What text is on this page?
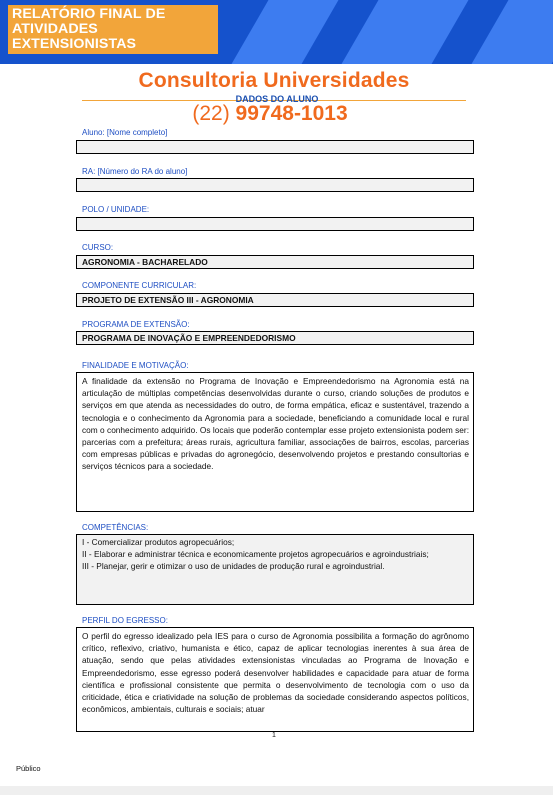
RELATÓRIO FINAL DE ATIVIDADES EXTENSIONISTAS
Consultoria Universidades
DADOS DO ALUNO
(22) 99748-1013
Aluno: [Nome completo]
RA: [Número do RA do aluno]
POLO / UNIDADE:
CURSO:
AGRONOMIA - BACHARELADO
COMPONENTE CURRICULAR:
PROJETO DE EXTENSÃO III - AGRONOMIA
PROGRAMA DE EXTENSÃO:
PROGRAMA DE INOVAÇÃO E EMPREENDEDORISMO
FINALIDADE E MOTIVAÇÃO:
A finalidade da extensão no Programa de Inovação e Empreendedorismo na Agronomia está na articulação de múltiplas competências desenvolvidas durante o curso, criando soluções de produtos e serviços em que atenda as necessidades do outro, de forma empática, eficaz e sustentável, trazendo a tecnologia e o conhecimento da Agronomia para a sociedade, beneficiando a comunidade local e rural com o conhecimento adquirido. Os locais que poderão contemplar esse projeto extensionista podem ser: parcerias com a prefeitura; áreas rurais, agricultura familiar, associações de bairros, escolas, parcerias com empresas públicas e privadas do agronegócio, desenvolvendo projetos e prestando consultorias e serviços técnicos para a sociedade.
COMPETÊNCIAS:

I - Comercializar produtos agropecuários;

II - Elaborar e administrar técnica e economicamente projetos agropecuários e agroindustriais;

III - Planejar, gerir e otimizar o uso de unidades de produção rural e agroindustrial.

PERFIL DO EGRESSO:
O perfil do egresso idealizado pela IES para o curso de Agronomia possibilita a formação do agrônomo crítico, reflexivo, criativo, humanista e ético, capaz de aplicar tecnologias inerentes à sua área de atuação, sendo que pelas atividades extensionistas vinculadas ao Programa de Inovação e Empreendedorismo, esse egresso poderá desenvolver habilidades e capacidade para atuar de forma científica e profissional consistente que permita o desenvolvimento de tecnologia com o uso da criticidade, ética e criatividade na solução de problemas da sociedade considerando aspectos políticos, econômicos, ambientais, culturais e sociais; atuar
1
Público
